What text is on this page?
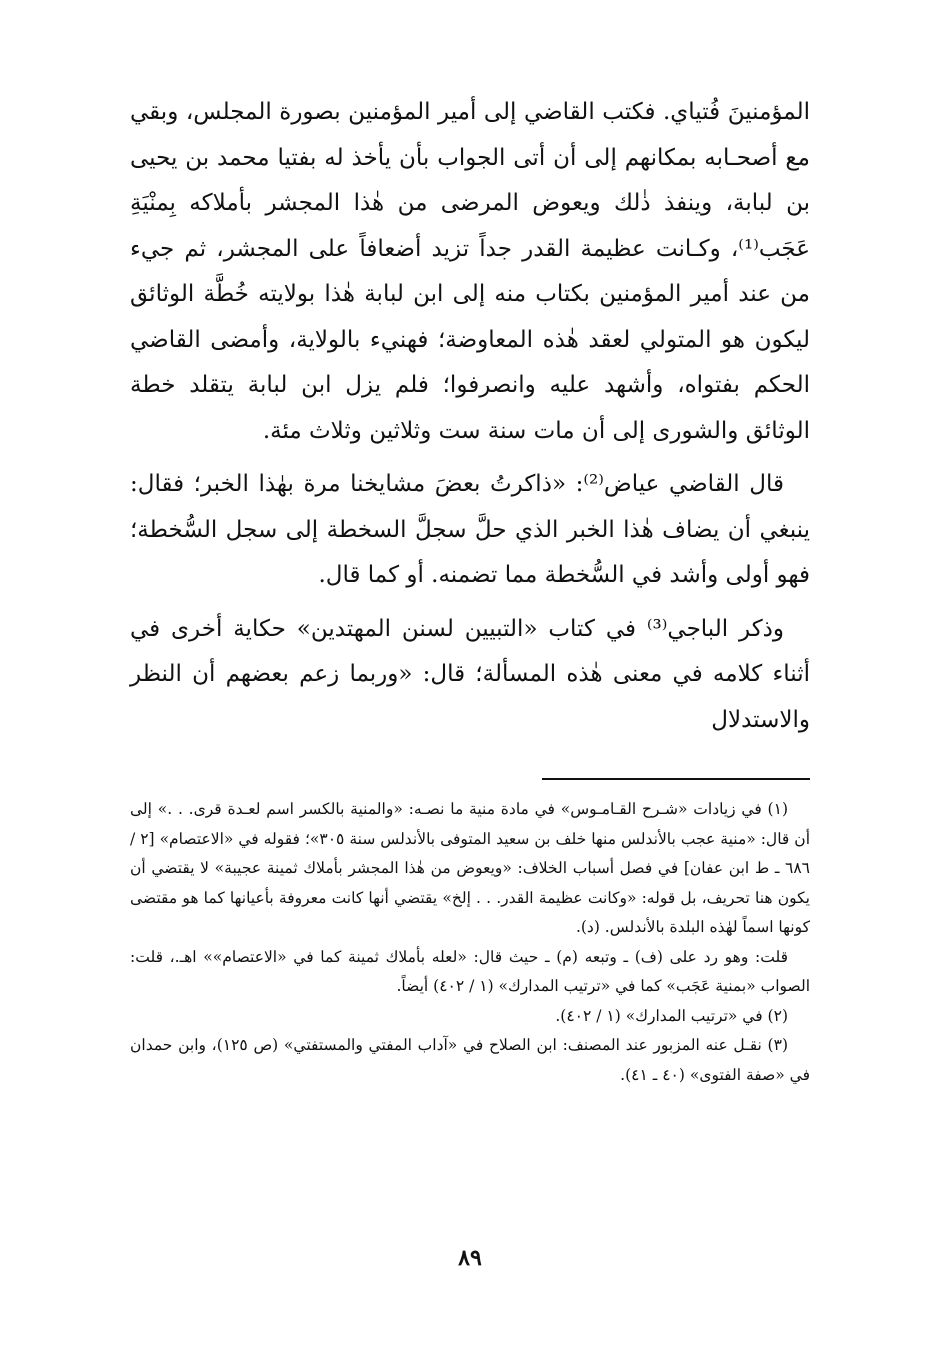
المؤمنينَ فُتياي. فكتب القاضي إلى أمير المؤمنين بصورة المجلس، وبقي مع أصحـابه بمكانهم إلى أن أتى الجواب بأن يأخذ له بفتيا محمد بن يحيى بن لبابة، وينفذ ذٰلك ويعوض المرضى من هٰذا المجشر بأملاكه بِمنْيَةِ عَجَب⁽¹⁾، وكـانت عظيمة القدر جداً تزيد أضعافاً على المجشر، ثم جيء من عند أمير المؤمنين بكتاب منه إلى ابن لبابة هٰذا بولايته خُطَّة الوثائق ليكون هو المتولي لعقد هٰذه المعاوضة؛ فهنيء بالولاية، وأمضى القاضي الحكم بفتواه، وأشهد عليه وانصرفوا؛ فلم يزل ابن لبابة يتقلد خطة الوثائق والشورى إلى أن مات سنة ست وثلاثين وثلاث مئة.

قال القاضي عياض⁽²⁾: «ذاكرتُ بعضَ مشايخنا مرة بهٰذا الخبر؛ فقال: ينبغي أن يضاف هٰذا الخبر الذي حلَّ سجلَّ السخطة إلى سجل السُّخطة؛ فهو أولى وأشد في السُّخطة مما تضمنه. أو كما قال.

وذكر الباجي⁽³⁾ في كتاب «التبيين لسنن المهتدين» حكاية أخرى في أثناء كلامه في معنى هٰذه المسألة؛ قال: «وربما زعم بعضهم أن النظر والاستدلال

(١) في زيادات «شـرح القـامـوس» في مادة منية ما نصـه: «والمنية بالكسر اسم لعـدة قرى. . .» إلى أن قال: «منية عجب بالأندلس منها خلف بن سعيد المتوفى بالأندلس سنة ٣٠٥»؛ فقوله في «الاعتصام» [٢ / ٦٨٦ ـ ط ابن عفان] في فصل أسباب الخلاف: «ويعوض من هٰذا المجشر بأملاك ثمينة عجيبة» لا يقتضي أن يكون هنا تحريف، بل قوله: «وكانت عظيمة القدر. . . إلخ» يقتضي أنها كانت معروفة بأعيانها كما هو مقتضى كونها اسماً لهٰذه البلدة بالأندلس. (د).

قلت: وهو رد على (ف) ـ وتبعه (م) ـ حيث قال: «لعله بأملاك ثمينة كما في «الاعتصام»» اهـ.، قلت: الصواب «بمنية عَجَب» كما في «ترتيب المدارك» (١ / ٤٠٢) أيضاً.

(٢) في «ترتيب المدارك» (١ / ٤٠٢).

(٣) نقـل عنه المزبور عند المصنف: ابن الصلاح في «آداب المفتي والمستفتي» (ص ١٢٥)، وابن حمدان في «صفة الفتوى» (٤٠ ـ ٤١).

٨٩
